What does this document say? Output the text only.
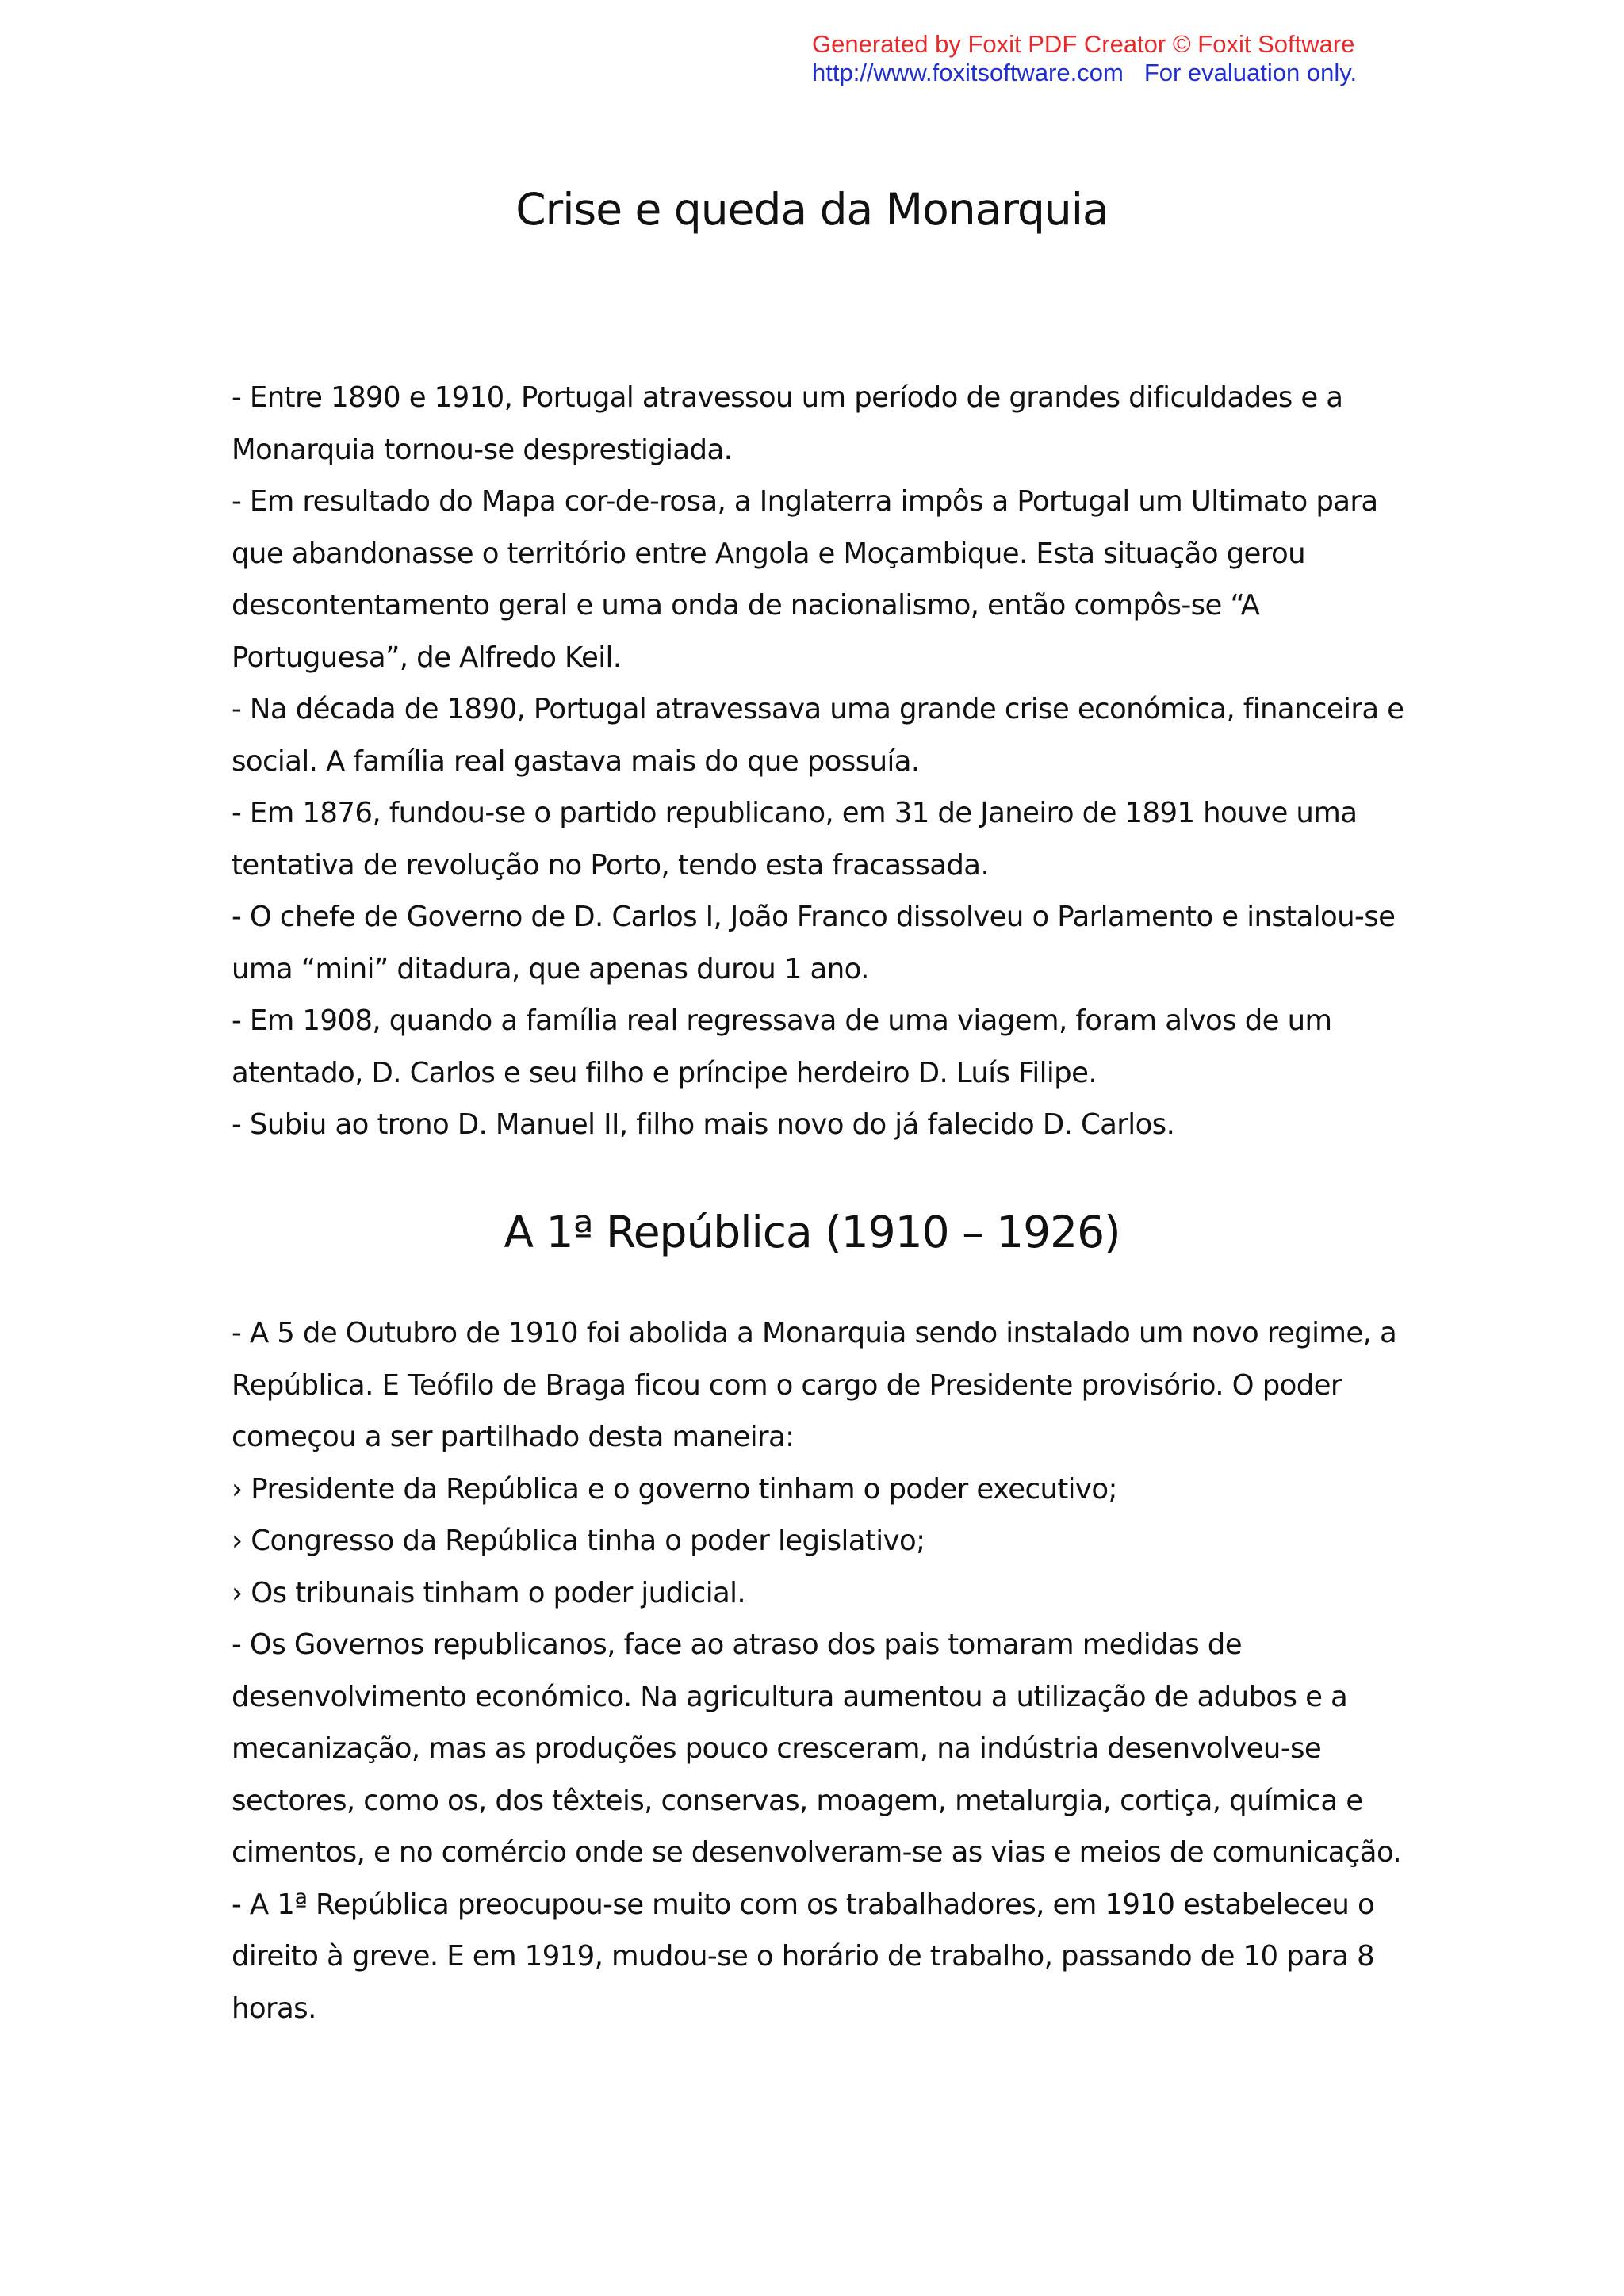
Generated by Foxit PDF Creator © Foxit Software
http://www.foxitsoftware.com For evaluation only.
Crise e queda da Monarquia

- Entre 1890 e 1910, Portugal atravessou um período de grandes dificuldades e a

Monarquia tornou-se desprestigiada.

- Em resultado do Mapa cor-de-rosa, a Inglaterra impôs a Portugal um Ultimato para

que abandonasse o território entre Angola e Moçambique. Esta situação gerou

descontentamento geral e uma onda de nacionalismo, então compôs-se “A

Portuguesa”, de Alfredo Keil.

- Na década de 1890, Portugal atravessava uma grande crise económica, financeira e

social. A família real gastava mais do que possuía.

- Em 1876, fundou-se o partido republicano, em 31 de Janeiro de 1891 houve uma

tentativa de revolução no Porto, tendo esta fracassada.

- O chefe de Governo de D. Carlos I, João Franco dissolveu o Parlamento e instalou-se

uma “mini” ditadura, que apenas durou 1 ano.

- Em 1908, quando a família real regressava de uma viagem, foram alvos de um

atentado, D. Carlos e seu filho e príncipe herdeiro D. Luís Filipe.

- Subiu ao trono D. Manuel II, filho mais novo do já falecido D. Carlos.

A 1ª República (1910 – 1926)

- A 5 de Outubro de 1910 foi abolida a Monarquia sendo instalado um novo regime, a

República. E Teófilo de Braga ficou com o cargo de Presidente provisório. O poder

começou a ser partilhado desta maneira:

› Presidente da República e o governo tinham o poder executivo;

› Congresso da República tinha o poder legislativo;

› Os tribunais tinham o poder judicial.

- Os Governos republicanos, face ao atraso dos pais tomaram medidas de

desenvolvimento económico. Na agricultura aumentou a utilização de adubos e a

mecanização, mas as produções pouco cresceram, na indústria desenvolveu-se

sectores, como os, dos têxteis, conservas, moagem, metalurgia, cortiça, química e

cimentos, e no comércio onde se desenvolveram-se as vias e meios de comunicação.

- A 1ª República preocupou-se muito com os trabalhadores, em 1910 estabeleceu o

direito à greve. E em 1919, mudou-se o horário de trabalho, passando de 10 para 8

horas.
